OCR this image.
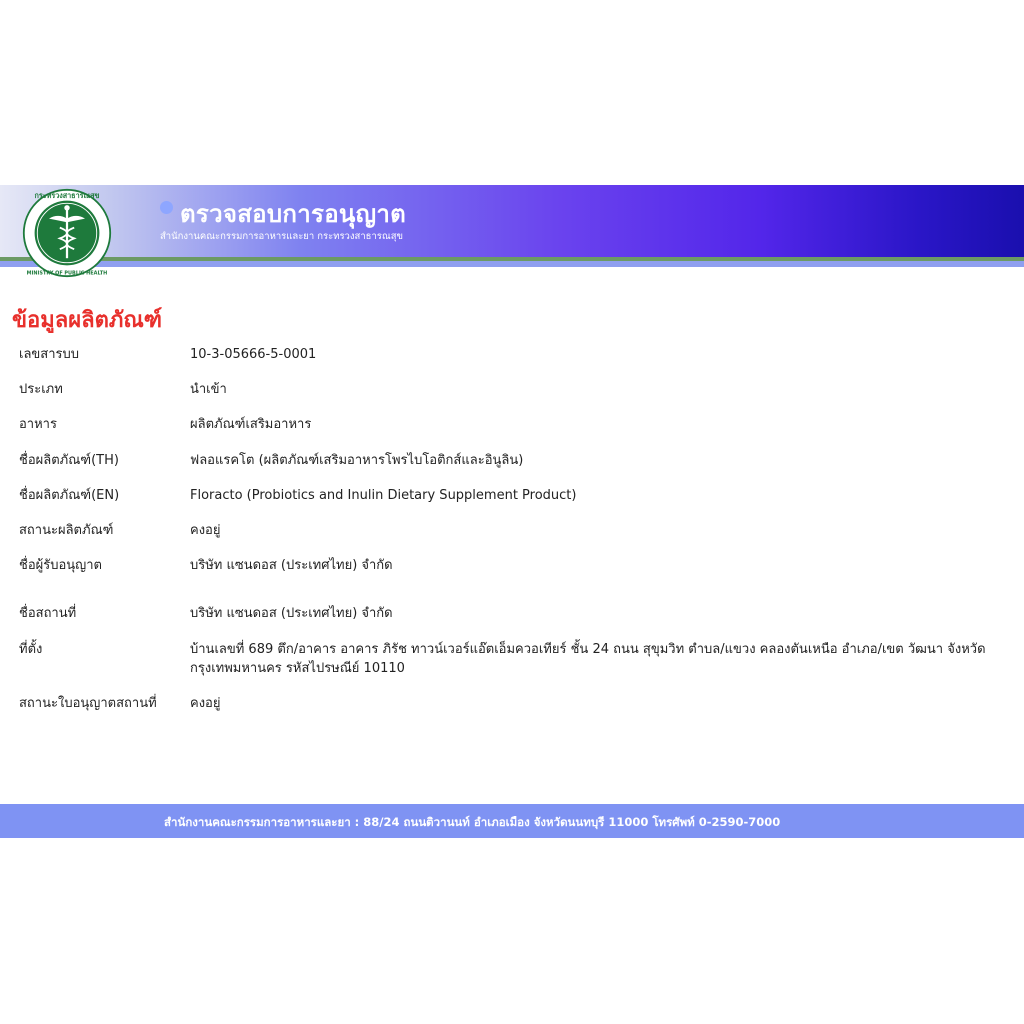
กระทรวงสาธารณสุข
MINISTRY OF PUBLIC HEALTH
ตรวจสอบการอนุญาต
สำนักงานคณะกรรมการอาหารและยา กระทรวงสาธารณสุข
ข้อมูลผลิตภัณฑ์
เลขสารบบ	10-3-05666-5-0001
ประเภท	นำเข้า
อาหาร	ผลิตภัณฑ์เสริมอาหาร
ชื่อผลิตภัณฑ์(TH)	ฟลอแรคโต (ผลิตภัณฑ์เสริมอาหารโพรไบโอติกส์และอินูลิน)
ชื่อผลิตภัณฑ์(EN)	Floracto (Probiotics and Inulin Dietary Supplement Product)
สถานะผลิตภัณฑ์	คงอยู่
ชื่อผู้รับอนุญาต	บริษัท แซนดอส (ประเทศไทย) จำกัด
ชื่อสถานที่	บริษัท แซนดอส (ประเทศไทย) จำกัด
ที่ตั้ง	บ้านเลขที่ 689 ตึก/อาคาร อาคาร ภิรัช ทาวน์เวอร์แอ๊ตเอ็มควอเทียร์ ชั้น 24 ถนน สุขุมวิท ตำบล/แขวง คลองตันเหนือ อำเภอ/เขต วัฒนา จังหวัด กรุงเทพมหานคร รหัสไปรษณีย์ 10110
สถานะใบอนุญาตสถานที่	คงอยู่
สำนักงานคณะกรรมการอาหารและยา : 88/24 ถนนติวานนท์ อำเภอเมือง จังหวัดนนทบุรี 11000 โทรศัพท์ 0-2590-7000
